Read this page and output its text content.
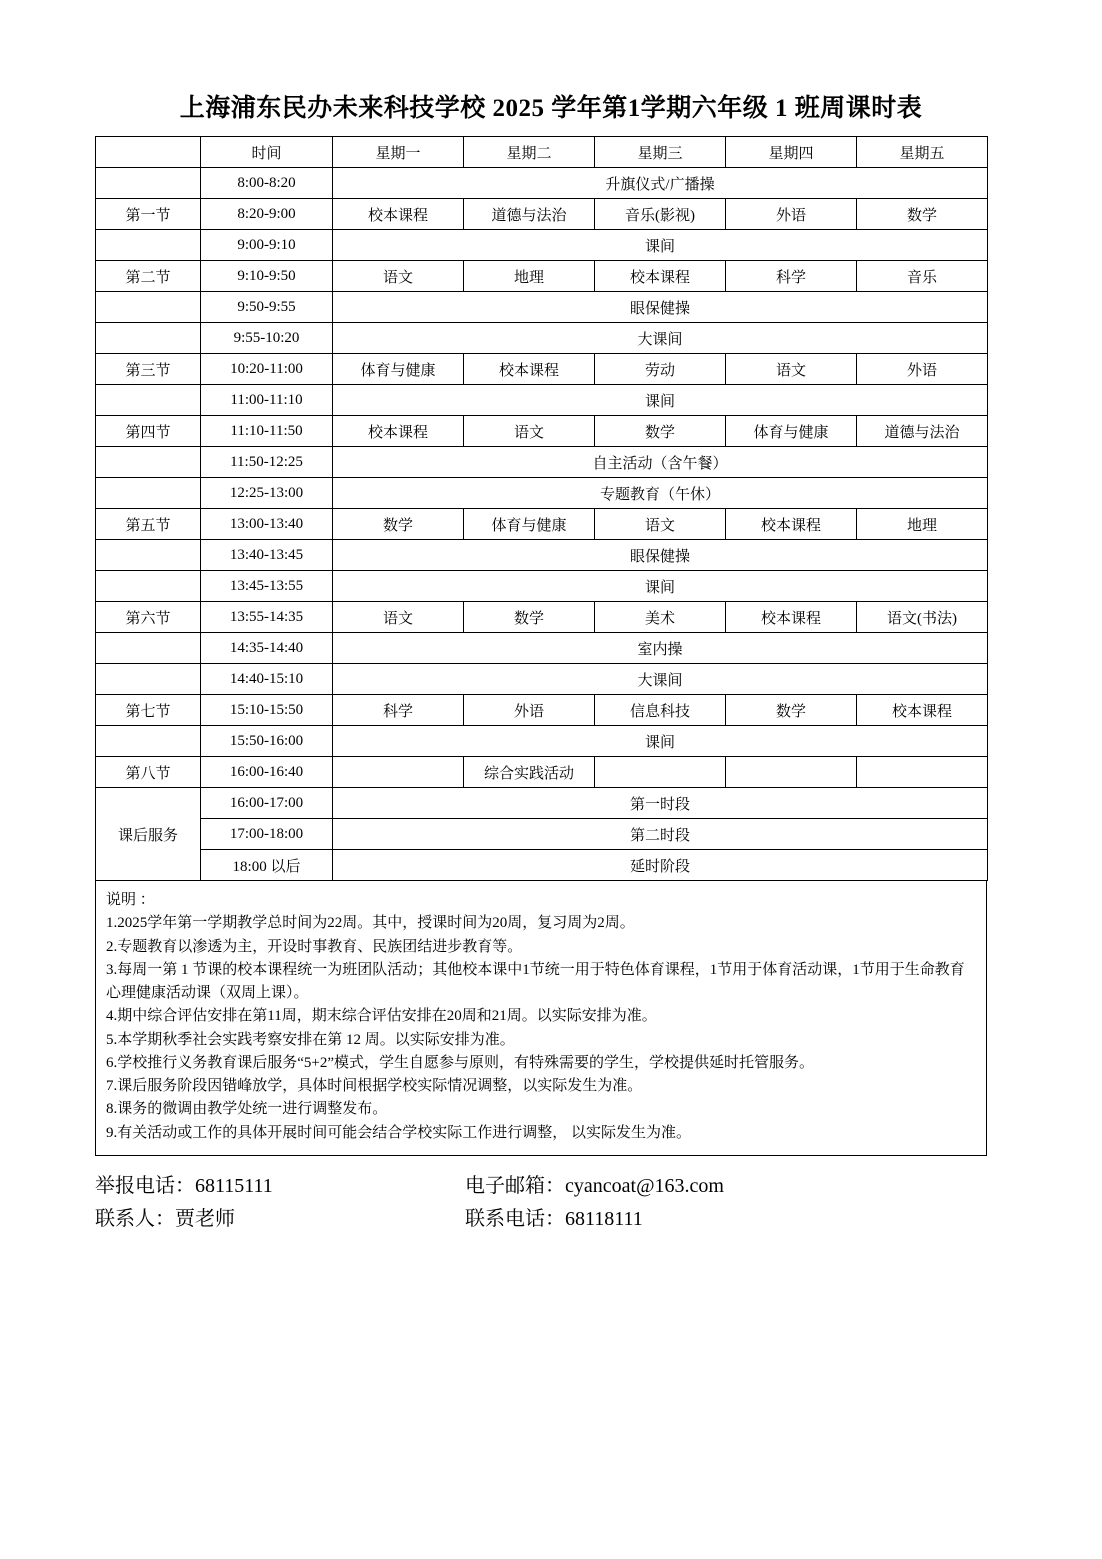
上海浦东民办未来科技学校 2025 学年第1学期六年级 1 班周课时表
	时间	星期一	星期二	星期三	星期四	星期五
	8:00-8:20	升旗仪式/广播操				
第一节	8:20-9:00	校本课程	道德与法治	音乐(影视)	外语	数学
	9:00-9:10	课间				
第二节	9:10-9:50	语文	地理	校本课程	科学	音乐
	9:50-9:55	眼保健操				
	9:55-10:20	大课间				
第三节	10:20-11:00	体育与健康	校本课程	劳动	语文	外语
	11:00-11:10	课间				
第四节	11:10-11:50	校本课程	语文	数学	体育与健康	道德与法治
	11:50-12:25	自主活动（含午餐）				
	12:25-13:00	专题教育（午休）				
第五节	13:00-13:40	数学	体育与健康	语文	校本课程	地理
	13:40-13:45	眼保健操				
	13:45-13:55	课间				
第六节	13:55-14:35	语文	数学	美术	校本课程	语文(书法)
	14:35-14:40	室内操				
	14:40-15:10	大课间				
第七节	15:10-15:50	科学	外语	信息科技	数学	校本课程
	15:50-16:00	课间				
第八节	16:00-16:40		综合实践活动			
课后服务	16:00-17:00	第一时段				
	17:00-18:00	第二时段				
	18:00 以后	延时阶段				
说明 ：
1.2025学年第一学期教学总时间为22周。其中，授课时间为20周，复习周为2周。
2.专题教育以渗透为主，开设时事教育、民族团结进步教育等。
3.每周一第 1 节课的校本课程统一为班团队活动；其他校本课中1节统一用于特色体育课程，1节用于体育活动课，1节用于生命教育心理健康活动课（双周上课）。
4.期中综合评估安排在第11周，期末综合评估安排在20周和21周。以实际安排为准。
5.本学期秋季社会实践考察安排在第 12 周。以实际安排为准。
6.学校推行义务教育课后服务“5+2”模式，学生自愿参与原则，有特殊需要的学生，学校提供延时托管服务。
7.课后服务阶段因错峰放学，具体时间根据学校实际情况调整，以实际发生为准。
8.课务的微调由教学处统一进行调整发布。
9.有关活动或工作的具体开展时间可能会结合学校实际工作进行调整， 以实际发生为准。
举报电话：68115111	电子邮箱：cyancoat@163.com
联系人：贾老师	联系电话：68118111
